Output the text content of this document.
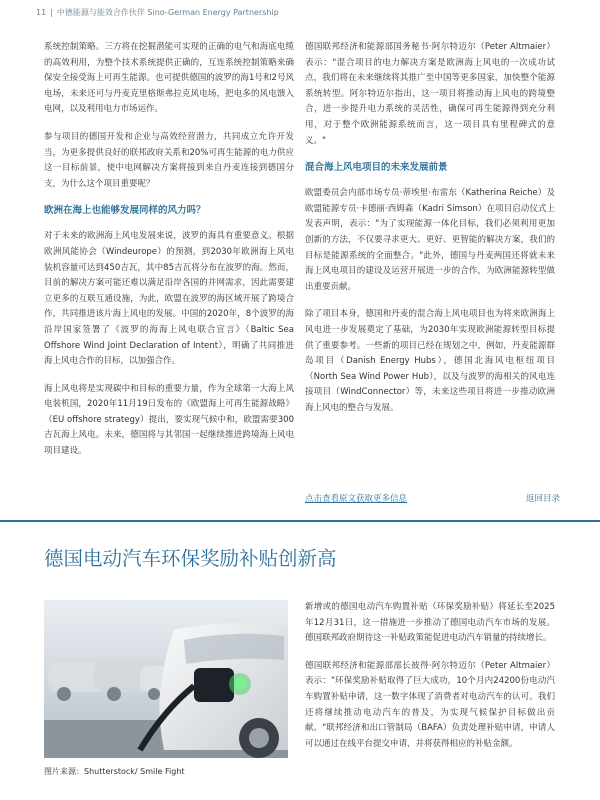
11 | 中德能源与能效合作伙伴 Sino-German Energy Partnership

系统控制策略。三方将在挖掘潜能可实现的正确的电气和海底电缆的高效利用，为整个技术系统提供正确的，互连系统控制策略来确保安全接受海上可再生能源。也可提供德国的波罗的海1号和2号风电场，未来还可与丹麦克里格斯弗拉克风电场，把电多的风电馈入电网，以及利用电力市场运作。

参与项目的德国开发和企业与高效经营潜力，共同成立允许开发当，为更多提供良好的联邦政府关系和20%可再生能源的电力供应这一目标前景，使中电网解决方案将接到来自丹麦连接到德国分支，为什么这个项目重要呢？

欧洲在海上也能够发展同样的风力吗？

对于未来的欧洲海上风电发展来说，波罗的海具有重要意义。根据欧洲风能协会（Windeurope）的预测，到2030年欧洲海上风电装机容量可达到450吉瓦，其中85吉瓦将分布在波罗的海。然而，目前的解决方案可能还难以满足沿岸各国的并网需求，因此需要建立更多的互联互通设施，为此，欧盟在波罗的海区域开展了跨境合作，共同推进该片海上风电的发展。中国的2020年，8个波罗的海沿岸国家签署了《波罗的海海上风电联合宣言》（Baltic Sea Offshore Wind Joint Declaration of Intent），明确了共同推进海上风电合作的目标，以加强合作。

海上风电将是实现碳中和目标的重要力量，作为全球第一大海上风电装机国，2020年11月19日发布的《欧盟海上可再生能源战略》（EU offshore strategy）提出，要实现气候中和，欧盟需要300吉瓦海上风电。未来，德国将与其邻国一起继续推进跨境海上风电项目建设。

德国联邦经济和能源部国务秘书·阿尔特迈尔（Peter Altmaier）表示："混合项目的电力解决方案是欧洲海上风电的一次成功试点，我们将在未来继续将其推广至中国等更多国家，加快整个能源系统转型。阿尔特迈尔指出，这一项目将推动海上风电的跨境整合，进一步提升电力系统的灵活性，确保可再生能源得到充分利用，对于整个欧洲能源系统而言，这一项目具有里程碑式的意义。"

混合海上风电项目的未来发展前景

欧盟委员会内部市场专员·蒂埃里·布雷东（Katherina Reiche）及欧盟能源专员·卡德丽·西姆森（Kadri Simson）在项目启动仪式上发表声明，表示："为了实现能源一体化目标，我们必须利用更加创新的方法，不仅要寻求更大、更好、更智能的解决方案，我们的目标是能源系统的全面整合。"此外，德国与丹麦两国还将就未来海上风电项目的建设及运营开展进一步的合作，为欧洲能源转型做出重要贡献。

除了项目本身，德国和丹麦的混合海上风电项目也为将来欧洲海上风电进一步发展奠定了基础，为2030年实现欧洲能源转型目标提供了重要参考。一些新的项目已经在规划之中，例如，丹麦能源群岛项目（Danish Energy Hubs），德国北海风电枢纽项目（North Sea Wind Power Hub），以及与波罗的海相关的风电连接项目（WindConnector）等，未来这些项目将进一步推动欧洲海上风电的整合与发展。

点击查看原文获取更多信息	返回目录
德国电动汽车环保奖励补贴创新高
图片来源：Shutterstock/ Smile Fight

新增或的德国电动汽车购置补贴（环保奖励补贴）将延长至2025年12月31日，这一措施进一步推动了德国电动汽车市场的发展。德国联邦政府期待这一补贴政策能促进电动汽车销量的持续增长。

德国联邦经济和能源部部长彼得·阿尔特迈尔（Peter Altmaier）表示："环保奖励补贴取得了巨大成功，10个月内24200份电动汽车购置补贴申请，这一数字体现了消费者对电动汽车的认可。我们还将继续推动电动汽车的普及，为实现气候保护目标做出贡献。"联邦经济和出口管制局（BAFA）负责处理补贴申请，申请人可以通过在线平台提交申请，并将获得相应的补贴金额。
